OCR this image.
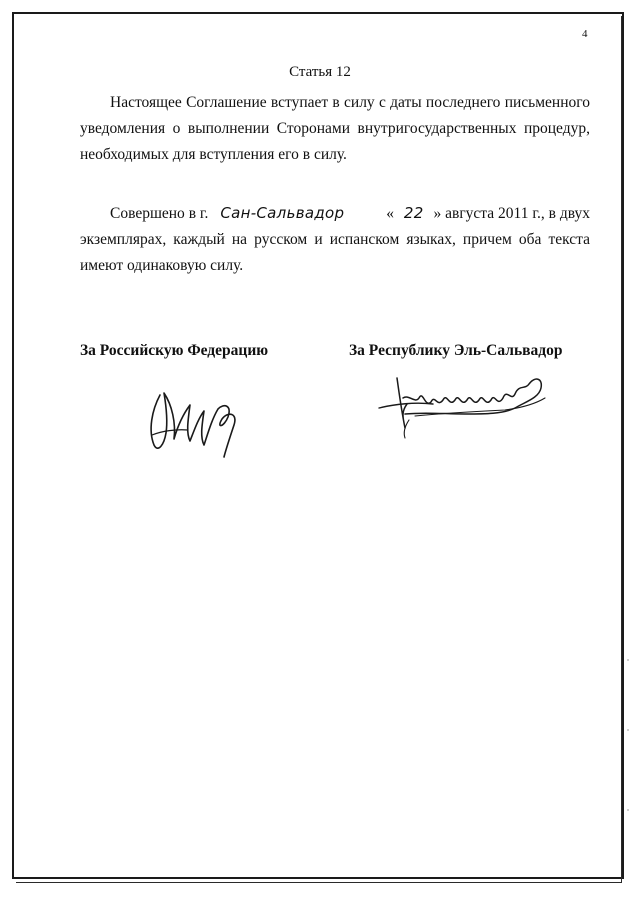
4
Статья 12
Настоящее Соглашение вступает в силу с даты последнего письменного уведомления о выполнении Сторонами внутригосударственных процедур, необходимых для вступления его в силу.
Совершено в г. Сан-Сальвадор	« 22 » августа 2011 г., в двух экземплярах, каждый на русском и испанском языках, причем оба текста имеют одинаковую силу.
За Российскую Федерацию	За Республику Эль-Сальвадор
